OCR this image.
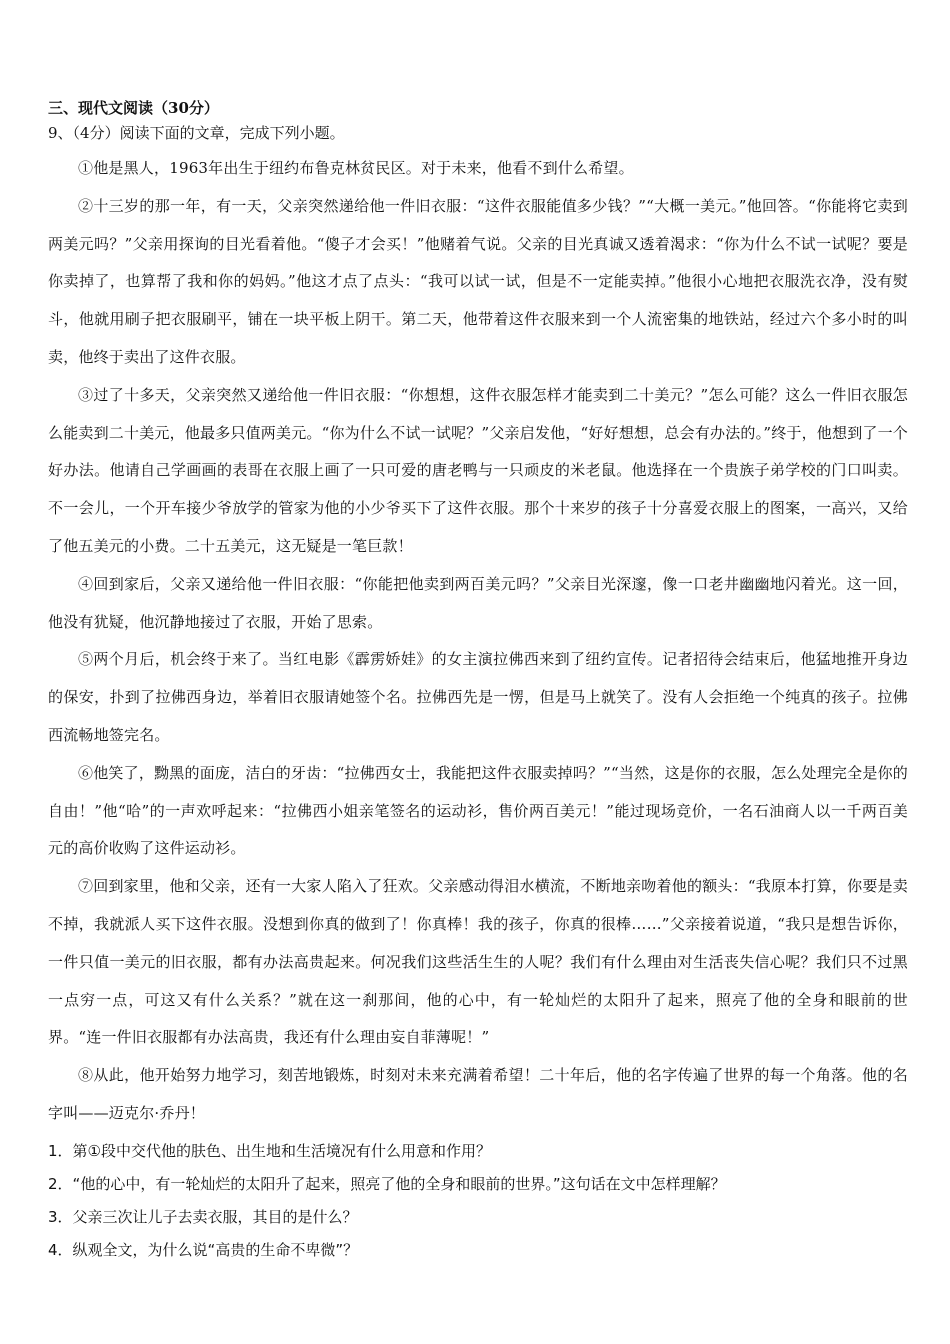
三、现代文阅读（30分）

9、（4分）阅读下面的文章，完成下列小题。

①他是黑人，1963年出生于纽约布鲁克林贫民区。对于未来，他看不到什么希望。

②十三岁的那一年，有一天，父亲突然递给他一件旧衣服：“这件衣服能值多少钱？”“大概一美元。”他回答。“你能将它卖到两美元吗？”父亲用探询的目光看着他。“傻子才会买！”他赌着气说。父亲的目光真诚又透着渴求：“你为什么不试一试呢？要是你卖掉了，也算帮了我和你的妈妈。”他这才点了点头：“我可以试一试，但是不一定能卖掉。”他很小心地把衣服洗衣净，没有熨斗，他就用刷子把衣服刷平，铺在一块平板上阴干。第二天，他带着这件衣服来到一个人流密集的地铁站，经过六个多小时的叫卖，他终于卖出了这件衣服。

③过了十多天，父亲突然又递给他一件旧衣服：“你想想，这件衣服怎样才能卖到二十美元？”怎么可能？这么一件旧衣服怎么能卖到二十美元，他最多只值两美元。“你为什么不试一试呢？”父亲启发他，“好好想想，总会有办法的。”终于，他想到了一个好办法。他请自己学画画的表哥在衣服上画了一只可爱的唐老鸭与一只顽皮的米老鼠。他选择在一个贵族子弟学校的门口叫卖。不一会儿，一个开车接少爷放学的管家为他的小少爷买下了这件衣服。那个十来岁的孩子十分喜爱衣服上的图案，一高兴，又给了他五美元的小费。二十五美元，这无疑是一笔巨款！

④回到家后，父亲又递给他一件旧衣服：“你能把他卖到两百美元吗？”父亲目光深邃，像一口老井幽幽地闪着光。这一回，他没有犹疑，他沉静地接过了衣服，开始了思索。

⑤两个月后，机会终于来了。当红电影《霹雳娇娃》的女主演拉佛西来到了纽约宣传。记者招待会结束后，他猛地推开身边的保安，扑到了拉佛西身边，举着旧衣服请她签个名。拉佛西先是一愣，但是马上就笑了。没有人会拒绝一个纯真的孩子。拉佛西流畅地签完名。

⑥他笑了，黝黑的面庞，洁白的牙齿：“拉佛西女士，我能把这件衣服卖掉吗？”“当然，这是你的衣服，怎么处理完全是你的自由！”他“哈”的一声欢呼起来：“拉佛西小姐亲笔签名的运动衫，售价两百美元！”能过现场竞价，一名石油商人以一千两百美元的高价收购了这件运动衫。

⑦回到家里，他和父亲，还有一大家人陷入了狂欢。父亲感动得泪水横流，不断地亲吻着他的额头：“我原本打算，你要是卖不掉，我就派人买下这件衣服。没想到你真的做到了！你真棒！我的孩子，你真的很棒……”父亲接着说道，“我只是想告诉你，一件只值一美元的旧衣服，都有办法高贵起来。何况我们这些活生生的人呢？我们有什么理由对生活丧失信心呢？我们只不过黑一点穷一点，可这又有什么关系？”就在这一刹那间，他的心中，有一轮灿烂的太阳升了起来，照亮了他的全身和眼前的世界。“连一件旧衣服都有办法高贵，我还有什么理由妄自菲薄呢！”

⑧从此，他开始努力地学习，刻苦地锻炼，时刻对未来充满着希望！二十年后，他的名字传遍了世界的每一个角落。他的名字叫——迈克尔·乔丹！

1．第①段中交代他的肤色、出生地和生活境况有什么用意和作用？

2．“他的心中，有一轮灿烂的太阳升了起来，照亮了他的全身和眼前的世界。”这句话在文中怎样理解？

3．父亲三次让儿子去卖衣服，其目的是什么？

4．纵观全文，为什么说“高贵的生命不卑微”？
